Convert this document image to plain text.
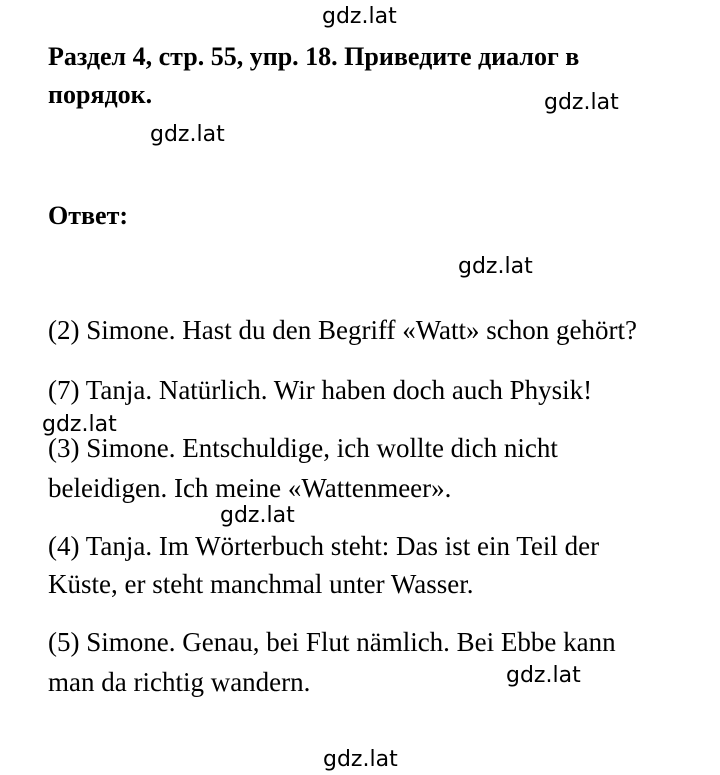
gdz.lat
Раздел 4, стр. 55, упр. 18. Приведите диалог в
порядок.	gdz.lat
gdz.lat
Ответ:
gdz.lat
(2) Simone. Hast du den Begriff «Watt» schon gehört?
(7) Tanja. Natürlich. Wir haben doch auch Physik!
gdz.lat
(3) Simone. Entschuldige, ich wollte dich nicht
beleidigen. Ich meine «Wattenmeer».
gdz.lat
(4) Tanja. Im Wörterbuch steht: Das ist ein Teil der
Küste, er steht manchmal unter Wasser.
(5) Simone. Genau, bei Flut nämlich. Bei Ebbe kann
man da richtig wandern.	gdz.lat
gdz.lat
